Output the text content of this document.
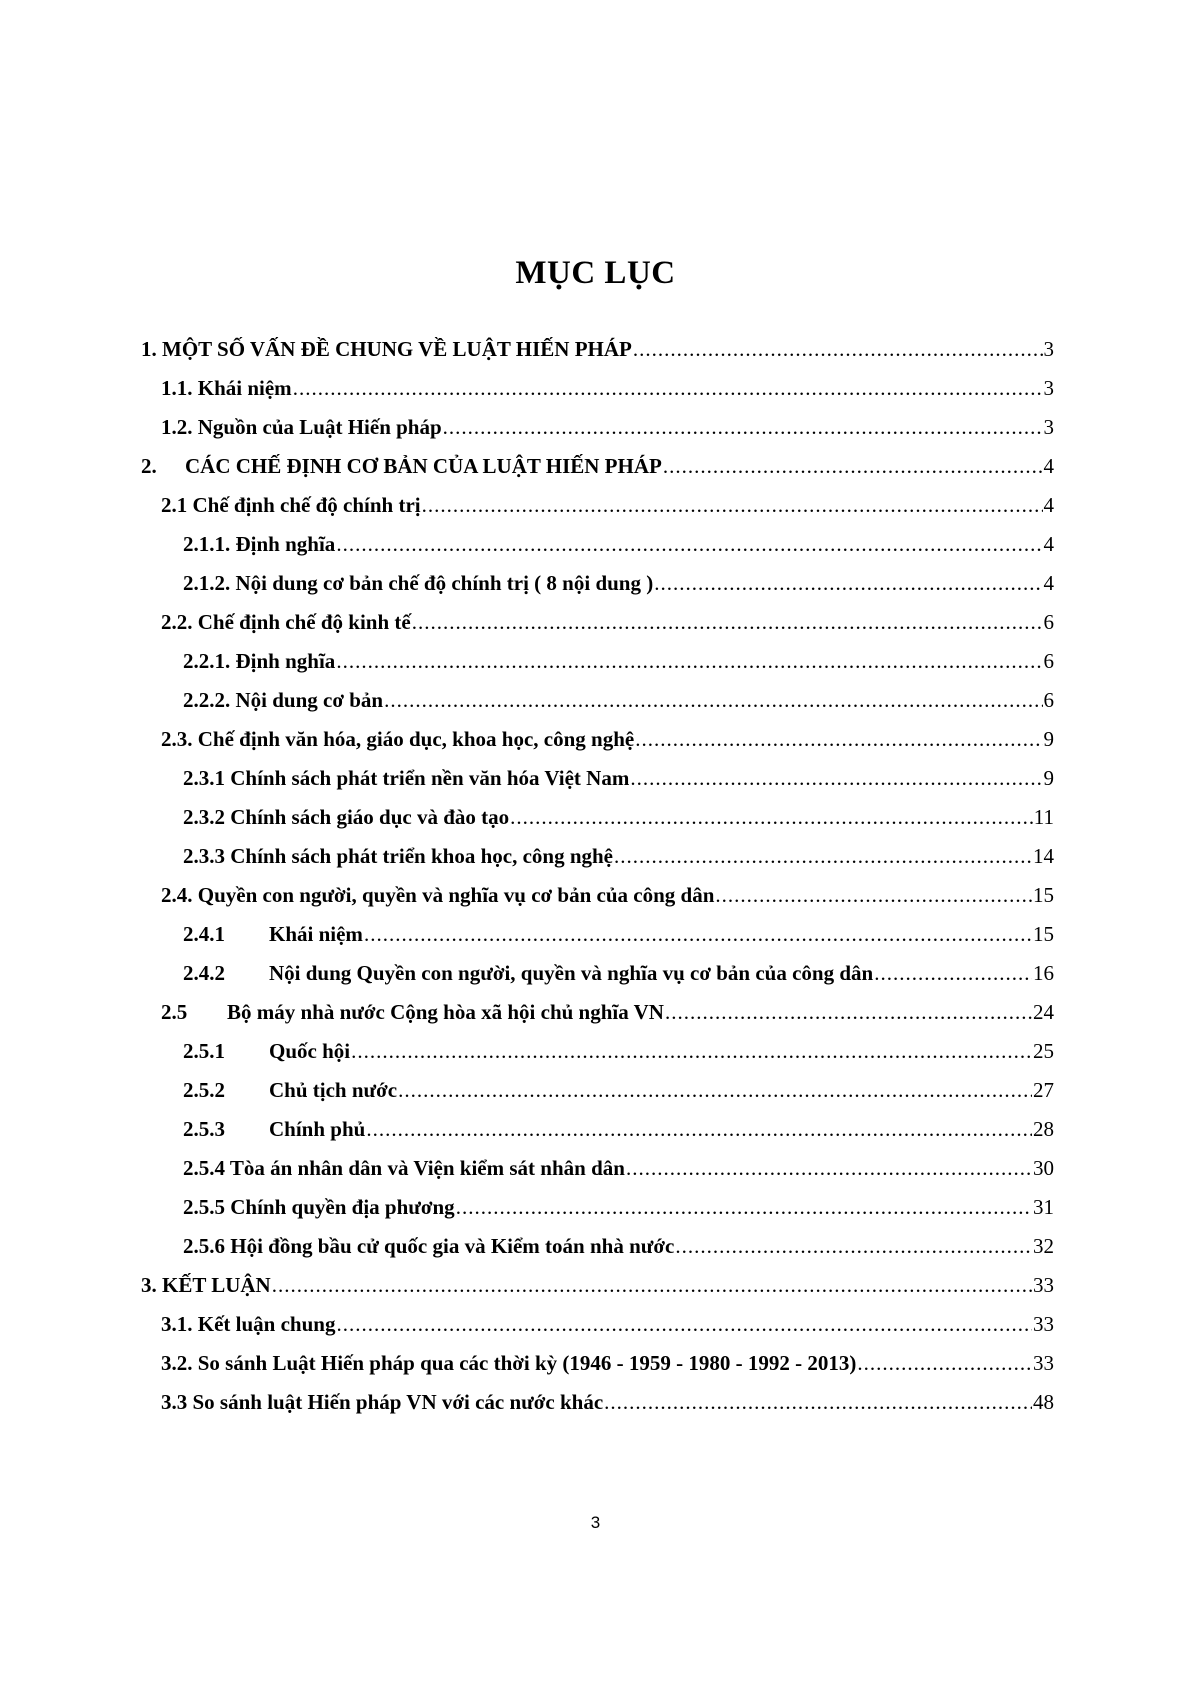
MỤC LỤC
1. MỘT SỐ VẤN ĐỀ CHUNG VỀ LUẬT HIẾN PHÁP .....	3
1.1. Khái niệm .....	3
1.2. Nguồn của Luật Hiến pháp .....	3
2.	CÁC CHẾ ĐỊNH CƠ BẢN CỦA LUẬT HIẾN PHÁP .....	4
2.1 Chế định chế độ chính trị .....	4
2.1.1. Định nghĩa .....	4
2.1.2. Nội dung cơ bản chế độ chính trị ( 8 nội dung ) .....	4
2.2. Chế định chế độ kinh tế .....	6
2.2.1. Định nghĩa .....	6
2.2.2. Nội dung cơ bản .....	6
2.3. Chế định văn hóa, giáo dục, khoa học, công nghệ .....	9
2.3.1 Chính sách phát triển nền văn hóa Việt Nam .....	9
2.3.2 Chính sách giáo dục và đào tạo .....	11
2.3.3 Chính sách phát triển khoa học, công nghệ .....	14
2.4. Quyền con người, quyền và nghĩa vụ cơ bản của công dân .....	15
2.4.1	Khái niệm .....	15
2.4.2	Nội dung Quyền con người, quyền và nghĩa vụ cơ bản của công dân .....	16
2.5	Bộ máy nhà nước Cộng hòa xã hội chủ nghĩa VN .....	24
2.5.1	Quốc hội .....	25
2.5.2	Chủ tịch nước .....	27
2.5.3	Chính phủ .....	28
2.5.4 Tòa án nhân dân và Viện kiểm sát nhân dân .....	30
2.5.5 Chính quyền địa phương .....	31
2.5.6 Hội đồng bầu cử quốc gia và Kiểm toán nhà nước .....	32
3. KẾT LUẬN .....	33
3.1. Kết luận chung .....	33
3.2. So sánh Luật Hiến pháp qua các thời kỳ (1946 - 1959 - 1980 - 1992 - 2013) .....	33
3.3 So sánh luật Hiến pháp VN với các nước khác .....	48
3
